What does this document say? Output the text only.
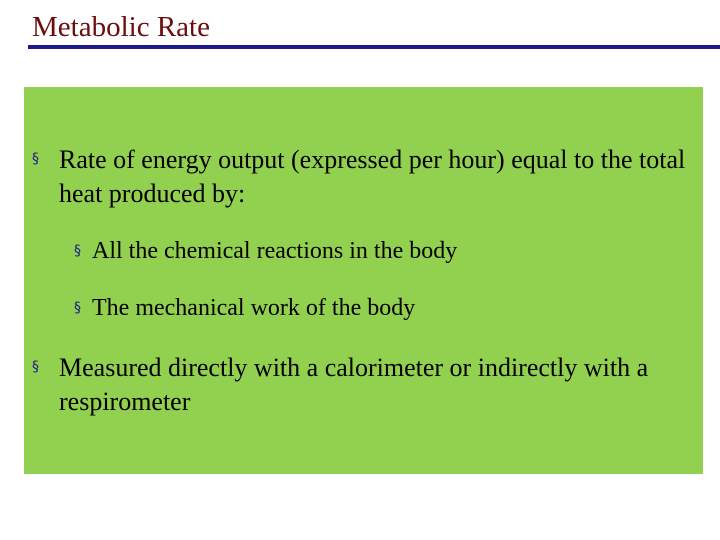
Metabolic Rate
§ Rate of energy output (expressed per hour) equal to the total heat produced by:
§ All the chemical reactions in the body
§ The mechanical work of the body
§ Measured directly with a calorimeter or indirectly with a respirometer
